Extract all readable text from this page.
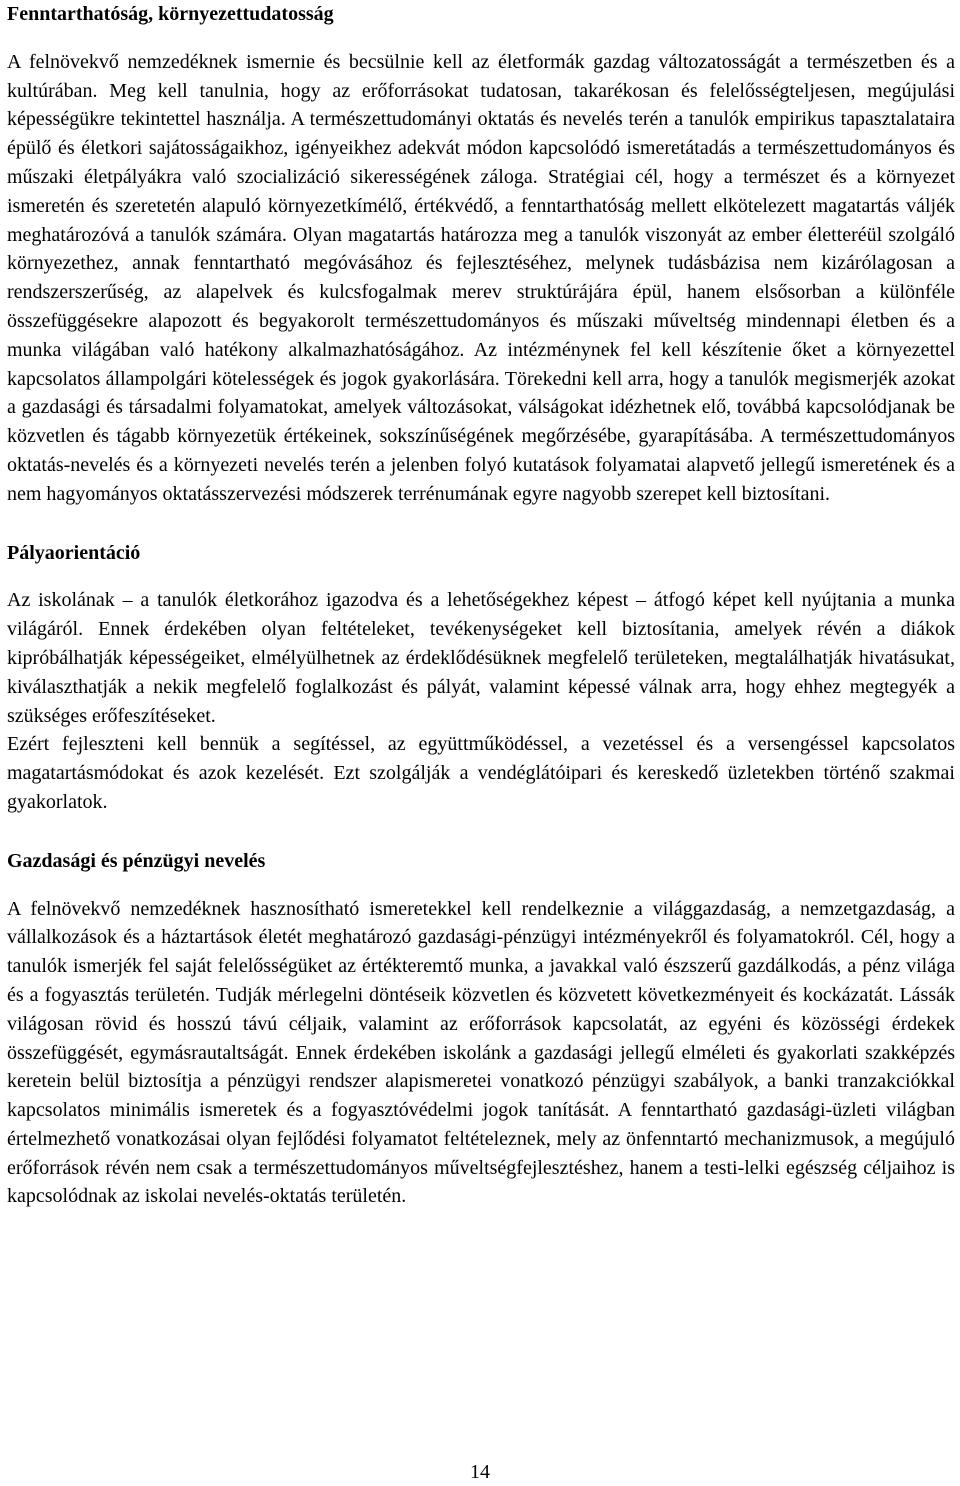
Fenntarthatóság, környezettudatosság

A felnövekvő nemzedéknek ismernie és becsülnie kell az életformák gazdag változatosságát a természetben és a kultúrában. Meg kell tanulnia, hogy az erőforrásokat tudatosan, takarékosan és felelősségteljesen, megújulási képességükre tekintettel használja. A természettudományi oktatás és nevelés terén a tanulók empirikus tapasztalataira épülő és életkori sajátosságaikhoz, igényeikhez adekvát módon kapcsolódó ismeretátadás a természettudományos és műszaki életpályákra való szocializáció sikerességének záloga. Stratégiai cél, hogy a természet és a környezet ismeretén és szeretetén alapuló környezetkímélő, értékvédő, a fenntarthatóság mellett elkötelezett magatartás váljék meghatározóvá a tanulók számára. Olyan magatartás határozza meg a tanulók viszonyát az ember életteréül szolgáló környezethez, annak fenntartható megóvásához és fejlesztéséhez, melynek tudásbázisa nem kizárólagosan a rendszerszerűség, az alapelvek és kulcsfogalmak merev struktúrájára épül, hanem elsősorban a különféle összefüggésekre alapozott és begyakorolt természettudományos és műszaki műveltség mindennapi életben és a munka világában való hatékony alkalmazhatóságához. Az intézménynek fel kell készítenie őket a környezettel kapcsolatos állampolgári kötelességek és jogok gyakorlására. Törekedni kell arra, hogy a tanulók megismerjék azokat a gazdasági és társadalmi folyamatokat, amelyek változásokat, válságokat idézhetnek elő, továbbá kapcsolódjanak be közvetlen és tágabb környezetük értékeinek, sokszínűségének megőrzésébe, gyarapításába. A természettudományos oktatás-nevelés és a környezeti nevelés terén a jelenben folyó kutatások folyamatai alapvető jellegű ismeretének és a nem hagyományos oktatásszervezési módszerek terrénumának egyre nagyobb szerepet kell biztosítani.

Pályaorientáció

Az iskolának – a tanulók életkorához igazodva és a lehetőségekhez képest – átfogó képet kell nyújtania a munka világáról. Ennek érdekében olyan feltételeket, tevékenységeket kell biztosítania, amelyek révén a diákok kipróbálhatják képességeiket, elmélyülhetnek az érdeklődésüknek megfelelő területeken, megtalálhatják hivatásukat, kiválaszthatják a nekik megfelelő foglalkozást és pályát, valamint képessé válnak arra, hogy ehhez megtegyék a szükséges erőfeszítéseket.

Ezért fejleszteni kell bennük a segítéssel, az együttműködéssel, a vezetéssel és a versengéssel kapcsolatos magatartásmódokat és azok kezelését. Ezt szolgálják a vendéglátóipari és kereskedő üzletekben történő szakmai gyakorlatok.

Gazdasági és pénzügyi nevelés

A felnövekvő nemzedéknek hasznosítható ismeretekkel kell rendelkeznie a világgazdaság, a nemzetgazdaság, a vállalkozások és a háztartások életét meghatározó gazdasági-pénzügyi intézményekről és folyamatokról. Cél, hogy a tanulók ismerjék fel saját felelősségüket az értékteremtő munka, a javakkal való észszerű gazdálkodás, a pénz világa és a fogyasztás területén. Tudják mérlegelni döntéseik közvetlen és közvetett következményeit és kockázatát. Lássák világosan rövid és hosszú távú céljaik, valamint az erőforrások kapcsolatát, az egyéni és közösségi érdekek összefüggését, egymásrautaltságát. Ennek érdekében iskolánk a gazdasági jellegű elméleti és gyakorlati szakképzés keretein belül biztosítja a pénzügyi rendszer alapismeretei vonatkozó pénzügyi szabályok, a banki tranzakciókkal kapcsolatos minimális ismeretek és a fogyasztóvédelmi jogok tanítását. A fenntartható gazdasági-üzleti világban értelmezhető vonatkozásai olyan fejlődési folyamatot feltételeznek, mely az önfenntartó mechanizmusok, a megújuló erőforrások révén nem csak a természettudományos műveltségfejlesztéshez, hanem a testi-lelki egészség céljaihoz is kapcsolódnak az iskolai nevelés-oktatás területén.

14
